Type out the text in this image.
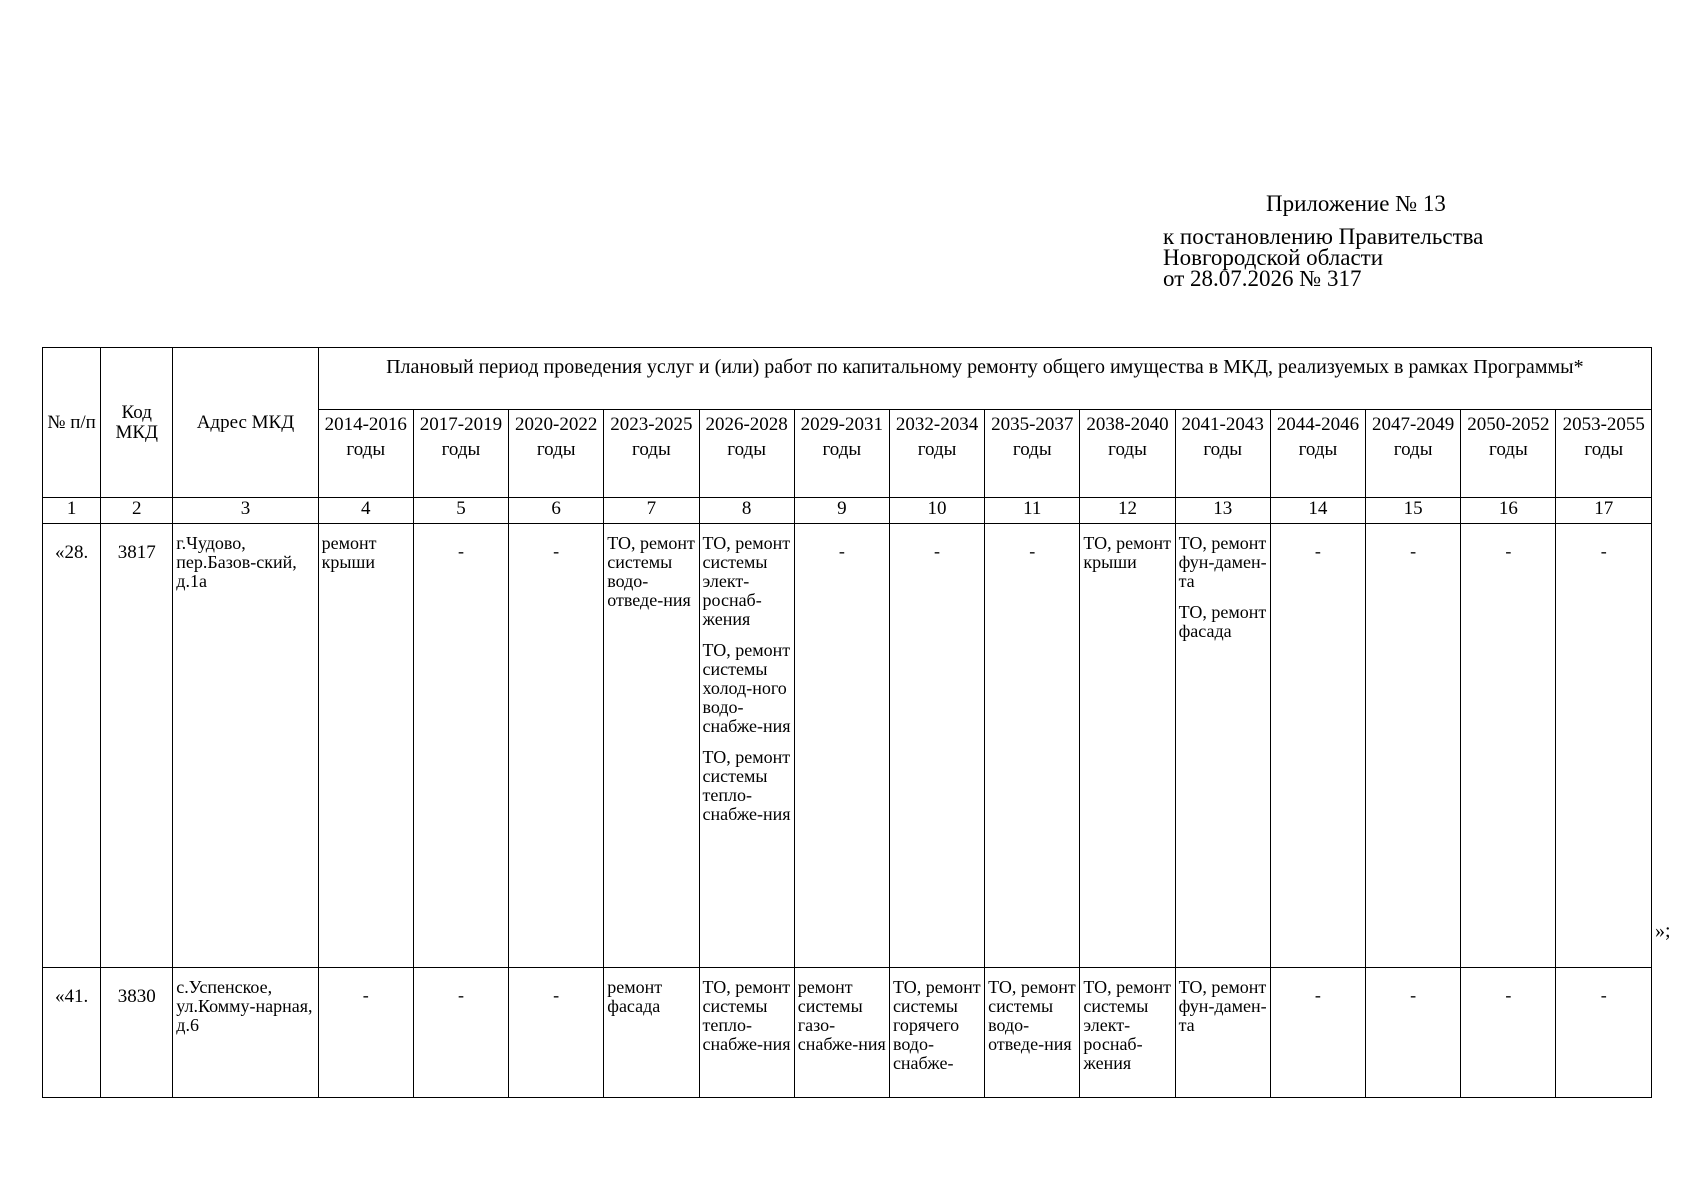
Приложение № 13
к постановлению Правительства
Новгородской области
от 28.07.2026 № 317
№ п/п	Код МКД	Адрес МКД	Плановый период проведения услуг и (или) работ по капитальному ремонту общего имущества в МКД, реализуемых в рамках Программы*													
			2014-2016 годы	2017-2019 годы	2020-2022 годы	2023-2025 годы	2026-2028 годы	2029-2031 годы	2032-2034 годы	2035-2037 годы	2038-2040 годы	2041-2043 годы	2044-2046 годы	2047-2049 годы	2050-2052 годы	2053-2055 годы
1	2	3	4	5	6	7	8	9	10	11	12	13	14	15	16	17
«28.	3817	г.Чудово, пер.Базов-ский, д.1а	ремонт крыши	-	-	ТО, ремонт системы водо-отведе-ния	ТО, ремонт системы элект-роснаб-жения
ТО, ремонт системы холод-ного водо-снабже-ния
ТО, ремонт системы тепло-снабже-ния	-	-	-	ТО, ремонт крыши	ТО, ремонт фун-дамен-та
ТО, ремонт фасада	-	-	-	-

«41.	3830	с.Успенское, ул.Комму-нарная, д.6	-	-	-	ремонт фасада	ТО, ремонт системы тепло-снабже-ния	ремонт системы газо-снабже-ния	ТО, ремонт системы горячего водо-снабже-	ТО, ремонт системы водо-отведе-ния	ТО, ремонт системы элект-роснаб-жения	ТО, ремонт фун-дамен-та	-	-	-	-
»;
